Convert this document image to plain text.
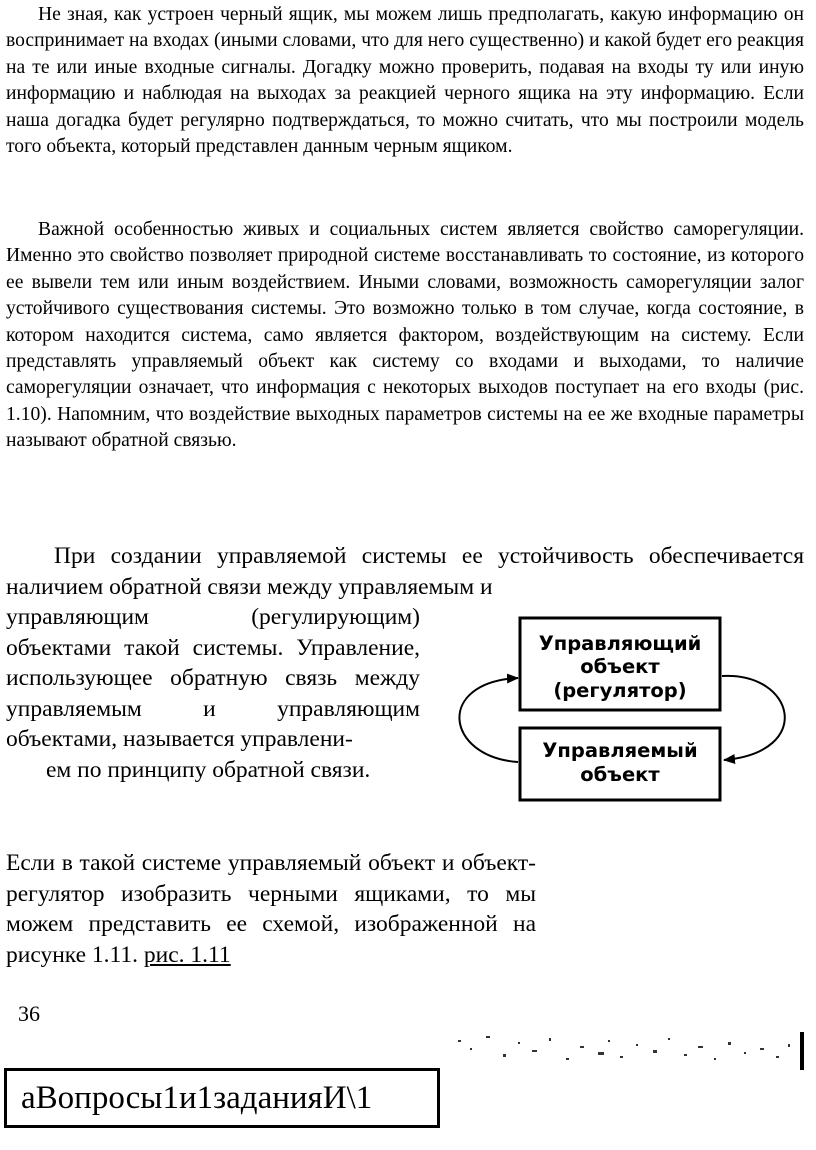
Не зная, как устроен черный ящик, мы можем лишь предполагать, какую информацию он воспринимает на входах (иными словами, что для него существенно) и какой будет его реакция на те или иные входные сигналы. Догадку можно проверить, подавая на входы ту или иную информацию и наблюдая на выходах за реакцией черного ящика на эту информацию. Если наша догадка будет регулярно подтверждаться, то можно считать, что мы построили модель того объекта, который представлен данным черным ящиком.

Важной особенностью живых и социальных систем является свойство саморегуляции. Именно это свойство позволяет природной системе восстанавливать то состояние, из которого ее вывели тем или иным воздействием. Иными словами, возможность саморегуляции залог устойчивого существования системы. Это возможно только в том случае, когда состояние, в котором находится система, само является фактором, воздействующим на систему. Если представлять управляемый объект как систему со входами и выходами, то наличие саморегуляции означает, что информация с некоторых выходов поступает на его входы (рис. 1.10). Напомним, что воздействие выходных параметров системы на ее же входные параметры называют обратной связью.

При создании управляемой системы ее устойчивость обеспечивается наличием обратной связи между управляемым и

управляющим (регулирующим) объектами такой системы. Управление, использующее обратную связь между управляемым и управляющим объектами, называется управлени-
ем по принципу обратной связи.

Если в такой системе управляемый объект и объект-регулятор изобразить черными ящиками, то мы можем представить ее схемой, изображенной на рисунке 1.11. рис. 1.11

Управляющий
объект
(регулятор)
Управляемый
объект
36
аВопросы1и1заданияИ\1
